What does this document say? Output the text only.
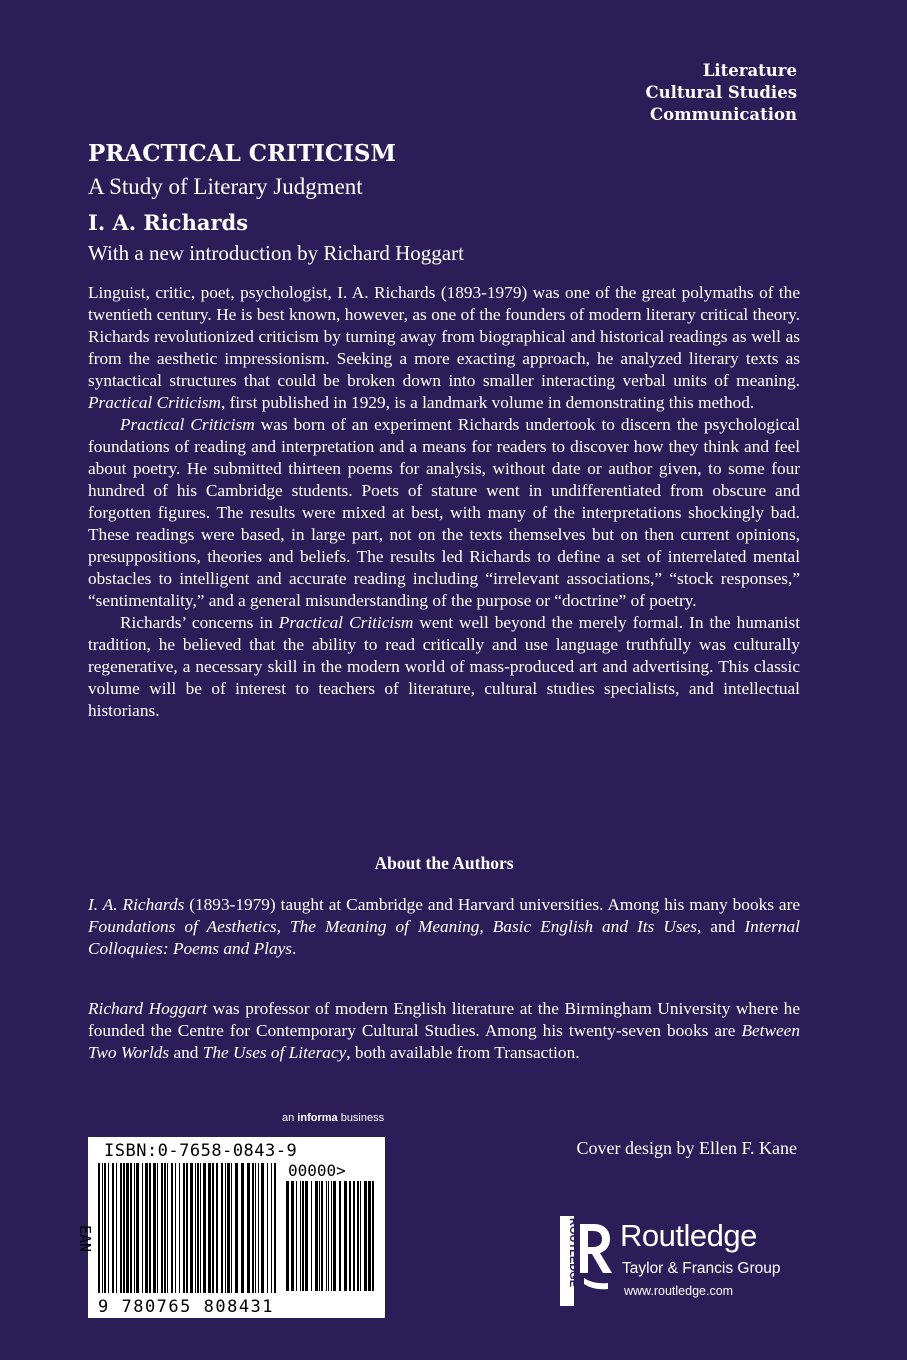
Literature
Cultural Studies
Communication
PRACTICAL CRITICISM
A Study of Literary Judgment
I. A. Richards
With a new introduction by Richard Hoggart

Linguist, critic, poet, psychologist, I. A. Richards (1893-1979) was one of the great polymaths of the twentieth century. He is best known, however, as one of the founders of modern literary critical theory. Richards revolutionized criticism by turning away from biographical and historical readings as well as from the aesthetic impressionism. Seeking a more exacting approach, he analyzed literary texts as syntactical structures that could be broken down into smaller interacting verbal units of meaning. Practical Criticism, first published in 1929, is a landmark volume in demonstrating this method.

Practical Criticism was born of an experiment Richards undertook to discern the psychological foundations of reading and interpretation and a means for readers to discover how they think and feel about poetry. He submitted thirteen poems for analysis, without date or author given, to some four hundred of his Cambridge students. Poets of stature went in undifferentiated from obscure and forgotten figures. The results were mixed at best, with many of the interpretations shockingly bad. These readings were based, in large part, not on the texts themselves but on then current opinions, presuppositions, theories and beliefs. The results led Richards to define a set of interrelated mental obstacles to intelligent and accurate reading including “irrelevant associations,” “stock responses,” “sentimentality,” and a general misunderstanding of the purpose or “doctrine” of poetry.

Richards’ concerns in Practical Criticism went well beyond the merely formal. In the humanist tradition, he believed that the ability to read critically and use language truthfully was culturally regenerative, a necessary skill in the modern world of mass-produced art and advertising. This classic volume will be of interest to teachers of literature, cultural studies specialists, and intellectual historians.

About the Authors
I. A. Richards (1893-1979) taught at Cambridge and Harvard universities. Among his many books are Foundations of Aesthetics, The Meaning of Meaning, Basic English and Its Uses, and Internal Colloquies: Poems and Plays.
Richard Hoggart was professor of modern English literature at the Birmingham University where he founded the Centre for Contemporary Cultural Studies. Among his twenty-seven books are Between Two Worlds and The Uses of Literacy, both available from Transaction.
an informa business
ISBN:0-7658-0843-9
00000>
EAN
9 780765 808431
Cover design by Ellen F. Kane
ROUTLEDGE Routledge
Taylor & Francis Group
www.routledge.com
